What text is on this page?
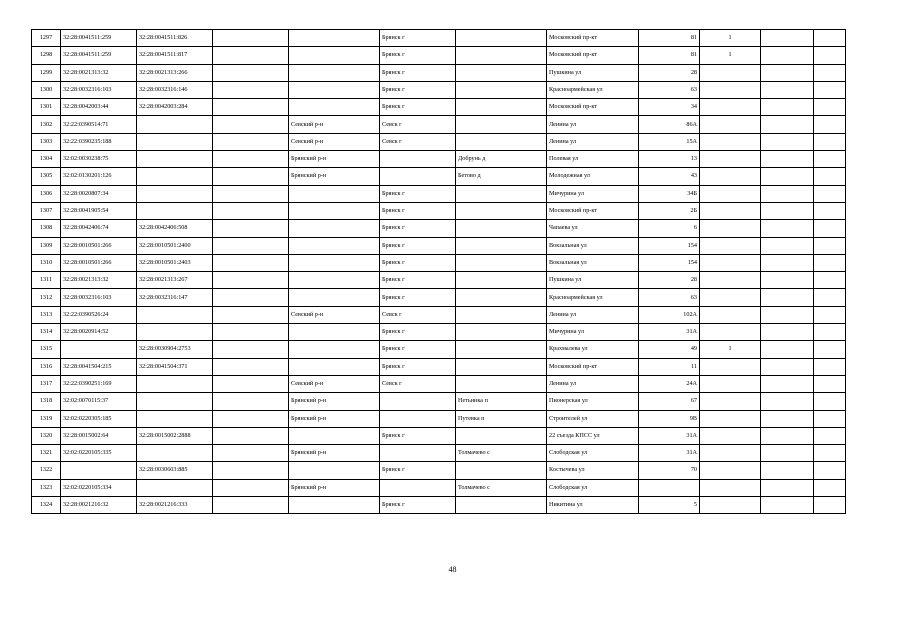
1297	32:28:0041511:259	32:28:0041511:826			Брянск г		Московский пр-кт	81	1		
1298	32:28:0041511:259	32:28:0041511:817			Брянск г		Московский пр-кт	81	1		
1299	32:28:0021313:32	32:28:0021313:266			Брянск г		Пушкина ул	28			
1300	32:28:0032316:103	32:28:0032316:146			Брянск г		Красноармейская ул	63			
1301	32:28:0042003:44	32:28:0042003:284			Брянск г		Московский пр-кт	34			
1302	32:22:0390514:71			Севский р-н	Севск г		Ленина ул	86А			
1303	32:22:0390235:188			Севский р-н	Севск г		Ленина ул	15А			
1304	32:02:0030238:75			Брянский р-н		Добрунь д	Полевая ул	13			
1305	32:02:0130201:126			Брянский р-н		Бетово д	Молодежная ул	43			
1306	32:28:0020807:34				Брянск г		Мичурина ул	34Б			
1307	32:28:0041905:54				Брянск г		Московский пр-кт	2Б			
1308	32:28:0042406:74	32:28:0042406:508			Брянск г		Чапаева ул	6			
1309	32:28:0010501:266	32:28:0010501:2400			Брянск г		Вокзальная ул	154			
1310	32:28:0010501:266	32:28:0010501:2403			Брянск г		Вокзальная ул	154			
1311	32:28:0021313:32	32:28:0021313:267			Брянск г		Пушкина ул	28			
1312	32:28:0032316:103	32:28:0032316:147			Брянск г		Красноармейская ул	63			
1313	32:22:0390526:24			Севский р-н	Севск г		Ленина ул	102А			
1314	32:28:0020914:52				Брянск г		Мичурина ул	31А			
1315		32:28:0030904:2753			Брянск г		Крахмалева ул	49	1		
1316	32:28:0041504:215	32:28:0041504:371			Брянск г		Московский пр-кт	11			
1317	32:22:0390251:169			Севский р-н	Севск г		Ленина ул	24А			
1318	32:02:0070115:37			Брянский р-н		Нетьинка п	Пионерская ул	67			
1319	32:02:0220305:185			Брянский р-н		Путевка п	Строителей ул	9В			
1320	32:28:0015002:64	32:28:0015002:2888			Брянск г		22 съезда КПСС ул	31А			
1321	32:02:0220105:335			Брянский р-н		Толмачево с	Слободская ул	31А			
1322		32:28:0030603:885			Брянск г		Костычева ул	70			
1323	32:02:0220105:334			Брянский р-н		Толмачево с	Слободская ул				
1324	32:28:0021216:32	32:28:0021216:333			Брянск г		Никитина ул	5			
48
